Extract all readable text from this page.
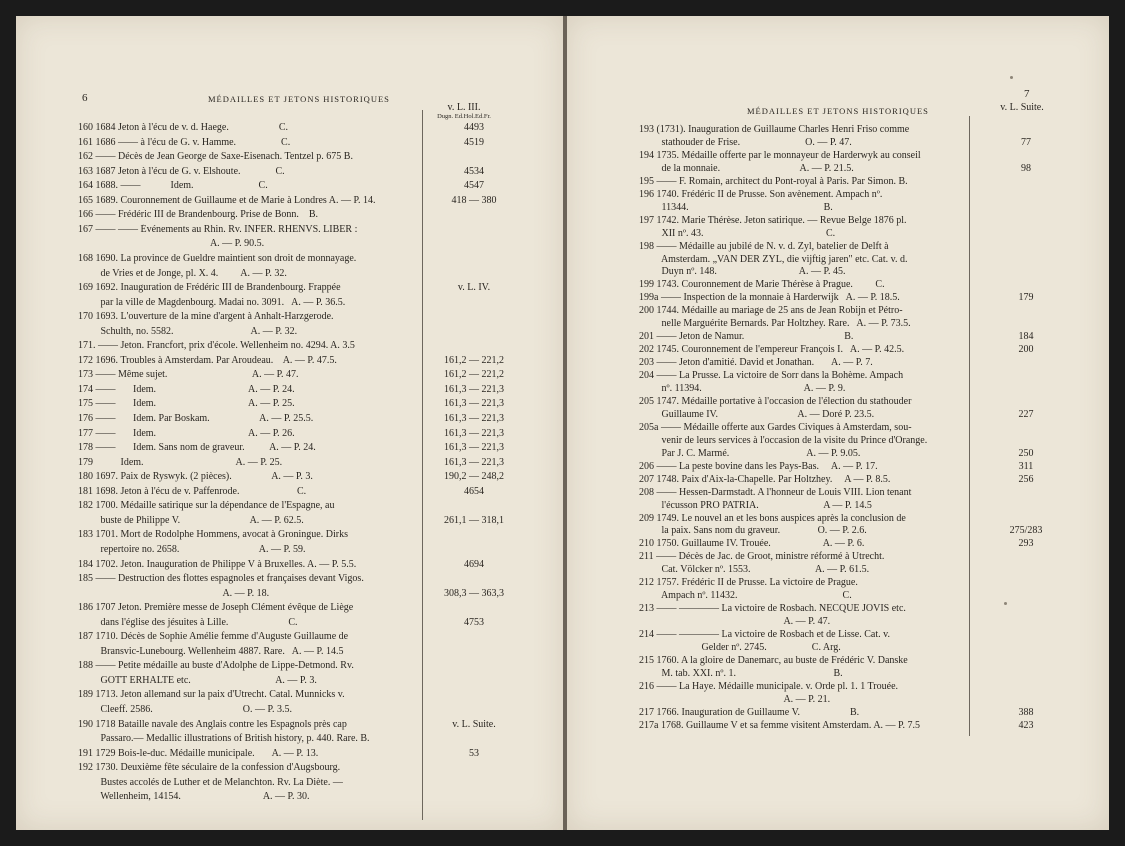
6	MÉDAILLES ET JETONS HISTORIQUES
v. L. III.
Dugn. Ed.Hol.Ed.Fr.
160 1684 Jeton à l'écu de v. d. Haege.                    C.	4493
161 1686 —— à l'écu de G. v. Hamme.                  C.	4519
162 —— Décès de Jean George de Saxe-Eisenach. Tentzel p. 675 B.
163 1687 Jeton à l'écu de G. v. Elshoute.              C.	4534
164 1688. ——            Idem.                          C.	4547
165 1689. Couronnement de Guillaume et de Marie à Londres A. — P. 14.	418 — 380
166 —— Frédéric III de Brandenbourg. Prise de Bonn.    B.
167 —— —— Événements au Rhin. Rv. INFER. RHENVS. LIBER :
A. — P. 90.5.
168 1690. La province de Gueldre maintient son droit de monnayage.
de Vries et de Jonge, pl. X. 4.         A. — P. 32.
169 1692. Inauguration de Frédéric III de Brandenbourg. Frappée	v. L. IV.
par la ville de Magdenbourg. Madai no. 3091.   A. — P. 36.5.
170 1693. L'ouverture de la mine d'argent à Anhalt-Harzgerode.
Schulth, no. 5582.                               A. — P. 32.
171. —— Jeton. Francfort, prix d'école. Wellenheim no. 4294. A. 3.5
172 1696. Troubles à Amsterdam. Par Aroudeau.    A. — P. 47.5.	161,2 — 221,2
173 —— Même sujet.                                  A. — P. 47.	161,2 — 221,2
174 ——       Idem.                                     A. — P. 24.	161,3 — 221,3
175 ——       Idem.                                     A. — P. 25.	161,3 — 221,3
176 ——       Idem. Par Boskam.                    A. — P. 25.5.	161,3 — 221,3
177 ——       Idem.                                     A. — P. 26.	161,3 — 221,3
178 ——       Idem. Sans nom de graveur.          A. — P. 24.	161,3 — 221,3
179           Idem.                                     A. — P. 25.	161,3 — 221,3
180 1697. Paix de Ryswyk. (2 pièces).                A. — P. 3.	190,2 — 248,2
181 1698. Jeton à l'écu de v. Paffenrode.                       C.	4654
182 1700. Médaille satirique sur la dépendance de l'Espagne, au
buste de Philippe V.                            A. — P. 62.5.	261,1 — 318,1
183 1701. Mort de Rodolphe Hommens, avocat à Groningue. Dirks
repertoire no. 2658.                                A. — P. 59.
184 1702. Jeton. Inauguration de Philippe V à Bruxelles. A. — P. 5.5.	4694
185 —— Destruction des flottes espagnoles et françaises devant Vigos.
A. — P. 18.	308,3 — 363,3
186 1707 Jeton. Première messe de Joseph Clément évêque de Liège
dans l'église des jésuites à Lille.                        C.	4753
187 1710. Décès de Sophie Amélie femme d'Auguste Guillaume de
Bransvic-Lunebourg. Wellenheim 4887. Rare.   A. — P. 14.5
188 —— Petite médaille au buste d'Adolphe de Lippe-Detmond. Rv.
GOTT ERHALTE etc.                                  A. — P. 3.
189 1713. Jeton allemand sur la paix d'Utrecht. Catal. Munnicks v.
Cleeff. 2586.                                    O. — P. 3.5.
190 1718 Bataille navale des Anglais contre les Espagnols près cap	v. L. Suite.
Passaro.— Medallic illustrations of British history, p. 440. Rare. B.
191 1729 Bois-le-duc. Médaille municipale.       A. — P. 13.	53
192 1730. Deuxième fête séculaire de la confession d'Augsbourg.
Bustes accolés de Luther et de Melanchton. Rv. La Diète. —
Wellenheim, 14154.                                 A. — P. 30.
7
MÉDAILLES ET JETONS HISTORIQUES	v. L. Suite.
193 (1731). Inauguration de Guillaume Charles Henri Friso comme
stathouder de Frise.                          O. — P. 47.	77
194 1735. Médaille offerte par le monnayeur de Harderwyk au conseil
de la monnaie.                                A. — P. 21.5.	98
195 —— F. Romain, architect du Pont-royal à Paris. Par Simon. B.
196 1740. Frédéric II de Prusse. Son avènement. Ampach nº.
11344.                                                      B.
197 1742. Marie Thérèse. Jeton satirique. — Revue Belge 1876 pl.
XII nº. 43.                                                 C.
198 —— Médaille au jubilé de N. v. d. Zyl, batelier de Delft à
Amsterdam. „VAN DER ZYL, die vijftig jaren" etc. Cat. v. d.
Duyn nº. 148.                                 A. — P. 45.
199 1743. Couronnement de Marie Thérèse à Prague.         C.
199a —— Inspection de la monnaie à Harderwijk   A. — P. 18.5.	179
200 1744. Médaille au mariage de 25 ans de Jean Robijn et Pétro-
nelle Marguérite Bernards. Par Holtzhey. Rare.   A. — P. 73.5.
201 —— Jeton de Namur.                                        B.	184
202 1745. Couronnement de l'empereur François I.   A. — P. 42.5.	200
203 —— Jeton d'amitié. David et Jonathan.       A. — P. 7.
204 —— La Prusse. La victoire de Sorr dans la Bohème. Ampach
nº. 11394.                                         A. — P. 9.
205 1747. Médaille portative à l'occasion de l'élection du stathouder
Guillaume IV.                                A. — Doré P. 23.5.	227
205a —— Médaille offerte aux Gardes Civiques à Amsterdam, sou-
venir de leurs services à l'occasion de la visite du Prince d'Orange.
Par J. C. Marmé.                               A. — P. 9.05.	250
206 —— La peste bovine dans les Pays-Bas.     A. — P. 17.	311
207 1748. Paix d'Aix-la-Chapelle. Par Holtzhey.     A — P. 8.5.	256
208 —— Hessen-Darmstadt. A l'honneur de Louis VIII. Lion tenant
l'écusson PRO PATRIA.                          A — P. 14.5
209 1749. Le nouvel an et les bons auspices après la conclusion de
la paix. Sans nom du graveur.               O. — P. 2.6.	275/283
210 1750. Guillaume IV. Trouée.                     A. — P. 6.	293
211 —— Décès de Jac. de Groot, ministre réformé à Utrecht.
Cat. Völcker nº. 1553.                          A. — P. 61.5.
212 1757. Frédéric II de Prusse. La victoire de Prague.
Ampach nº. 11432.                                          C.
213 —— ———— La victoire de Rosbach. NECQUE JOVIS etc.
A. — P. 47.
214 —— ———— La victoire de Rosbach et de Lisse. Cat. v.
Gelder nº. 2745.                  C. Arg.
215 1760. A la gloire de Danemarc, au buste de Frédéric V. Danske
M. tab. XXI. nº. 1.                                       B.
216 —— La Haye. Médaille municipale. v. Orde pl. 1. 1 Trouée.
A. — P. 21.
217 1766. Inauguration de Guillaume V.                    B.	388
217a 1768. Guillaume V et sa femme visitent Amsterdam. A. — P. 7.5	423
